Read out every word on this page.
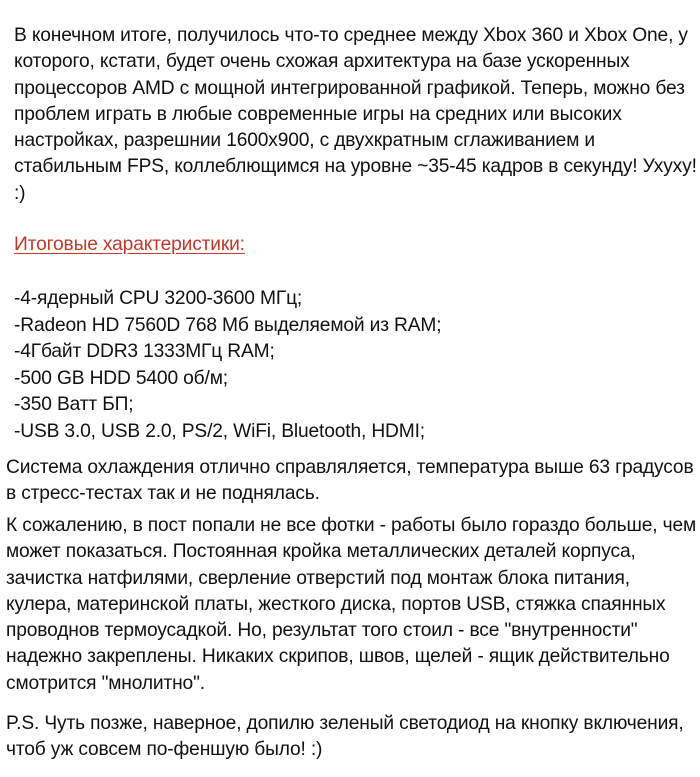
В конечном итоге, получилось что-то среднее между Xbox 360 и Xbox One, у которого, кстати, будет очень схожая архитектура на базе ускоренных процессоров AMD с мощной интегрированной графикой. Теперь, можно без проблем играть в любые современные игры на средних или высоких настройках, разрешнии 1600x900, с двухкратным сглаживанием и стабильным FPS, коллеблющимся на уровне ~35-45 кадров в секунду! Ухуху! :)

Итоговые характеристики:
-4-ядерный CPU 3200-3600 МГц;
-Radeon HD 7560D 768 Мб выделяемой из RAM;
-4Гбайт DDR3 1333МГц RAM;
-500 GB HDD 5400 об/м;
-350 Ватт БП;
-USB 3.0, USB 2.0, PS/2, WiFi, Bluetooth, HDMI;

Система охлаждения отлично справляляется, температура выше 63 градусов в стресс-тестах так и не поднялась.

К сожалению, в пост попали не все фотки - работы было гораздо больше, чем может показаться. Постоянная кройка металлических деталей корпуса, зачистка натфилями, сверление отверстий под монтаж блока питания, кулера, материнской платы, жесткого диска, портов USB, стяжка спаянных проводнов термоусадкой. Но, результат того стоил - все "внутренности" надежно закреплены. Никаких скрипов, швов, щелей - ящик действительно смотрится "мнолитно".

P.S. Чуть позже, наверное, допилю зеленый светодиод на кнопку включения, чтоб уж совсем по-феншую было! :)
